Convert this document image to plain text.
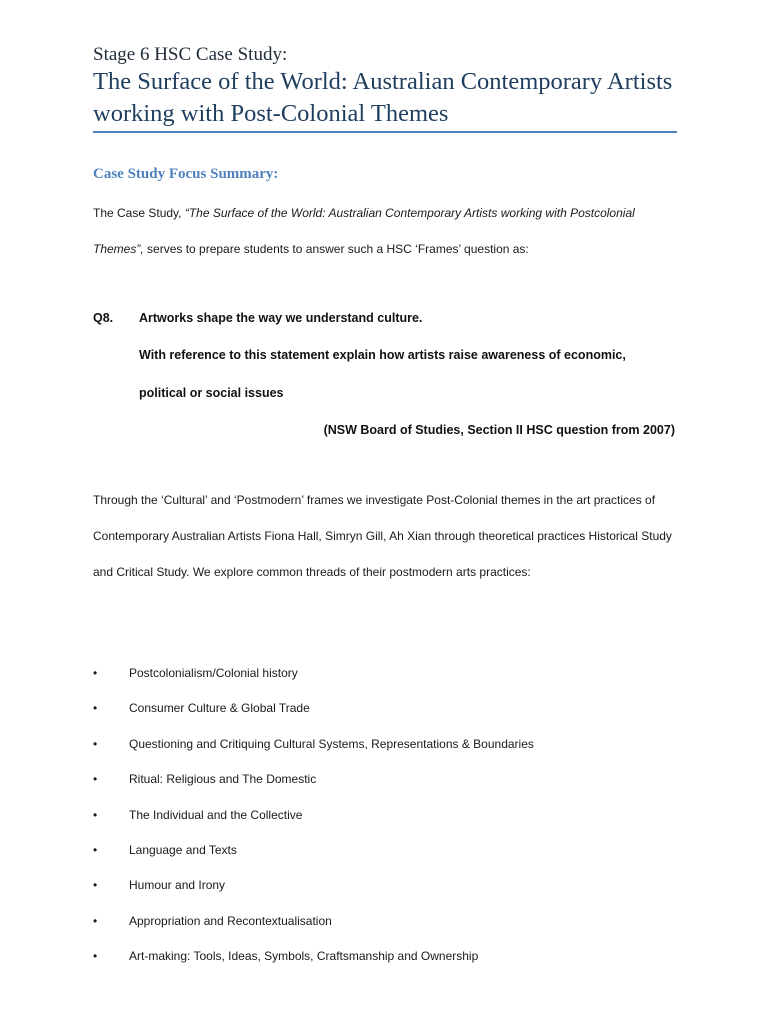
Stage 6 HSC Case Study:
The Surface of the World: Australian Contemporary Artists working with Post-Colonial Themes
Case Study Focus Summary:
The Case Study, “The Surface of the World: Australian Contemporary Artists working with Postcolonial Themes”, serves to prepare students to answer such a HSC ‘Frames’ question as:
Q8. Artworks shape the way we understand culture.
With reference to this statement explain how artists raise awareness of economic,
political or social issues
(NSW Board of Studies, Section II HSC question from 2007)
Through the ‘Cultural’ and ‘Postmodern’ frames we investigate Post-Colonial themes in the art practices of Contemporary Australian Artists Fiona Hall, Simryn Gill, Ah Xian through theoretical practices Historical Study and Critical Study. We explore common threads of their postmodern arts practices:
•	Postcolonialism/Colonial history
•	Consumer Culture & Global Trade
•	Questioning and Critiquing Cultural Systems, Representations & Boundaries
•	Ritual: Religious and The Domestic
•	The Individual and the Collective
•	Language and Texts
•	Humour and Irony
•	Appropriation and Recontextualisation
•	Art-making: Tools, Ideas, Symbols, Craftsmanship and Ownership
